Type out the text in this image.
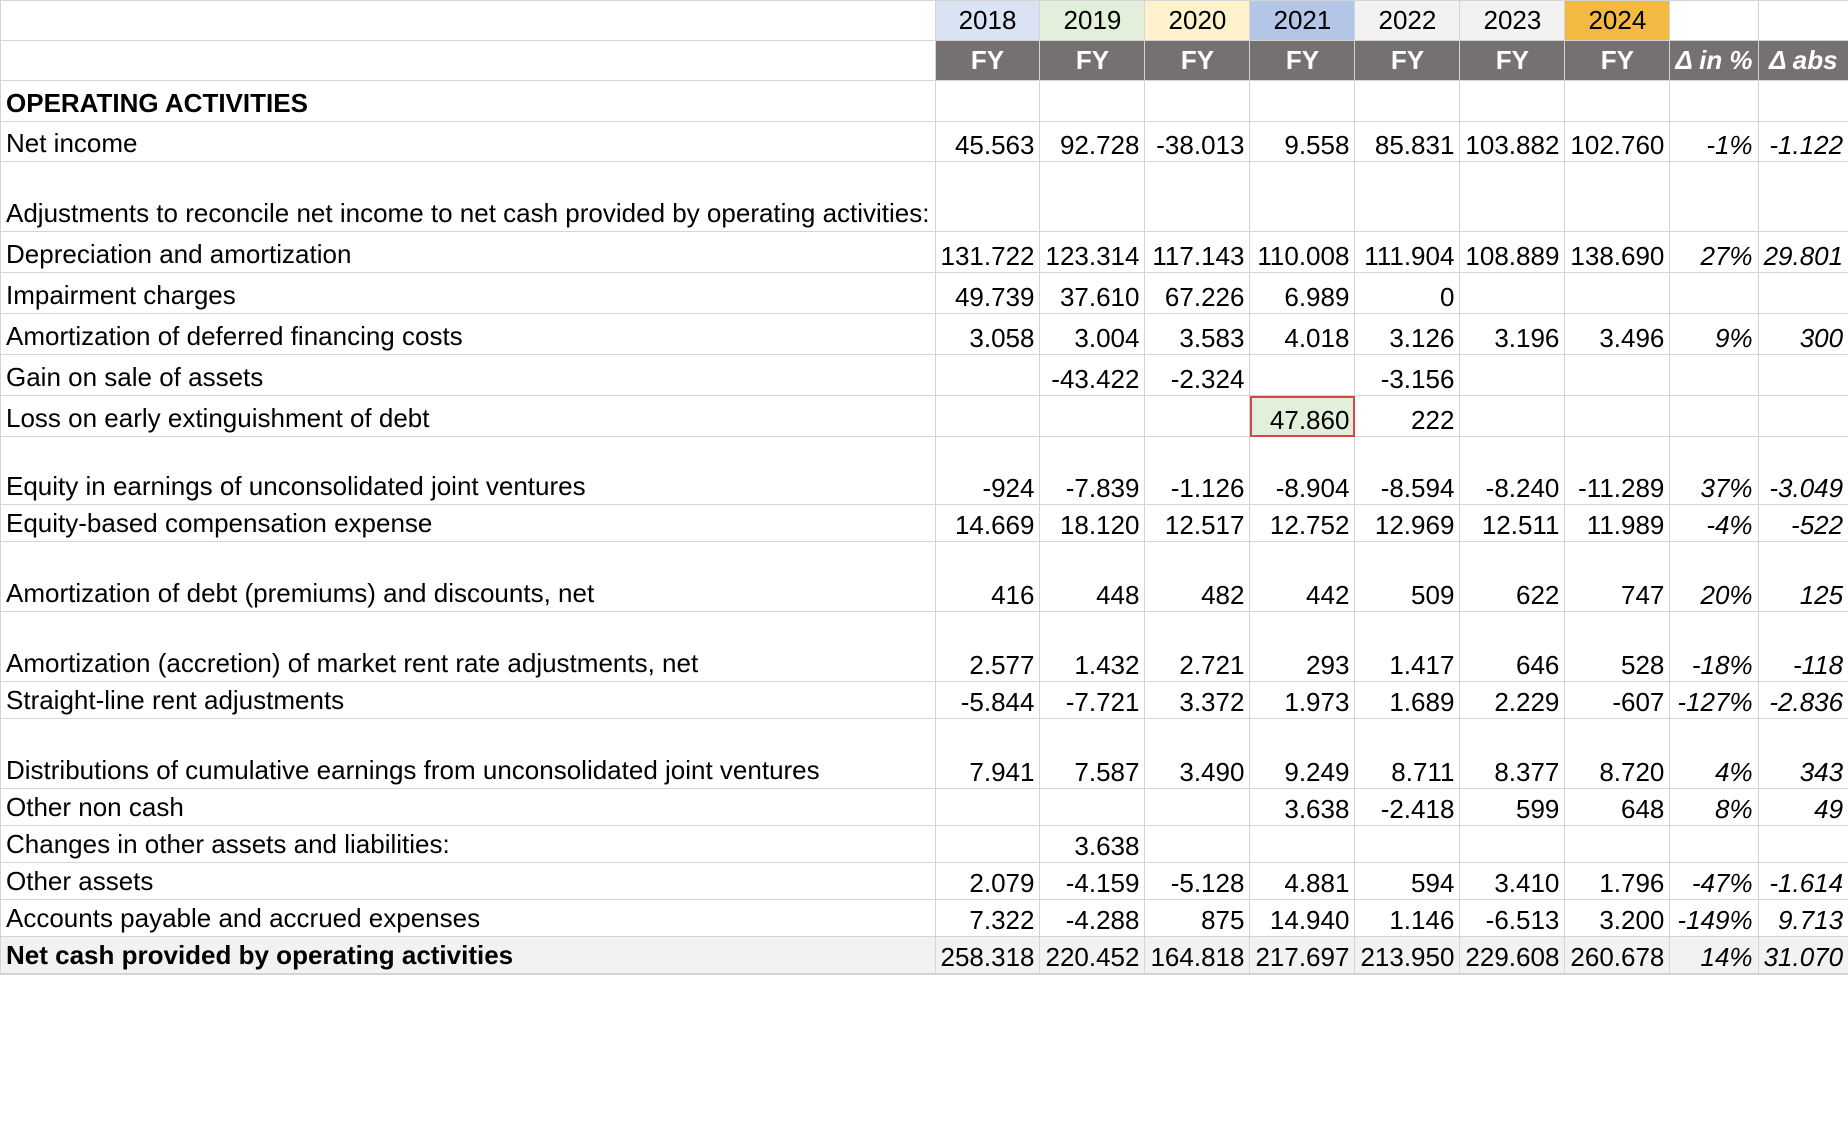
	2018	2019	2020	2021	2022	2023	2024		
	FY	FY	FY	FY	FY	FY	FY	Δ in %	Δ abs
OPERATING ACTIVITIES									
Net income	45.563	92.728	-38.013	9.558	85.831	103.882	102.760	-1%	-1.122
Adjustments to reconcile net income to net cash provided by operating activities:									
Depreciation and amortization	131.722	123.314	117.143	110.008	111.904	108.889	138.690	27%	29.801
Impairment charges	49.739	37.610	67.226	6.989	0				
Amortization of deferred financing costs	3.058	3.004	3.583	4.018	3.126	3.196	3.496	9%	300
Gain on sale of assets		-43.422	-2.324		-3.156				
Loss on early extinguishment of debt				47.860	222				
Equity in earnings of unconsolidated joint ventures	-924	-7.839	-1.126	-8.904	-8.594	-8.240	-11.289	37%	-3.049
Equity-based compensation expense	14.669	18.120	12.517	12.752	12.969	12.511	11.989	-4%	-522
Amortization of debt (premiums) and discounts, net	416	448	482	442	509	622	747	20%	125
Amortization (accretion) of market rent rate adjustments, net	2.577	1.432	2.721	293	1.417	646	528	-18%	-118
Straight-line rent adjustments	-5.844	-7.721	3.372	1.973	1.689	2.229	-607	-127%	-2.836
Distributions of cumulative earnings from unconsolidated joint ventures	7.941	7.587	3.490	9.249	8.711	8.377	8.720	4%	343
Other non cash				3.638	-2.418	599	648	8%	49
Changes in other assets and liabilities:		3.638							
Other assets	2.079	-4.159	-5.128	4.881	594	3.410	1.796	-47%	-1.614
Accounts payable and accrued expenses	7.322	-4.288	875	14.940	1.146	-6.513	3.200	-149%	9.713
Net cash provided by operating activities	258.318	220.452	164.818	217.697	213.950	229.608	260.678	14%	31.070
